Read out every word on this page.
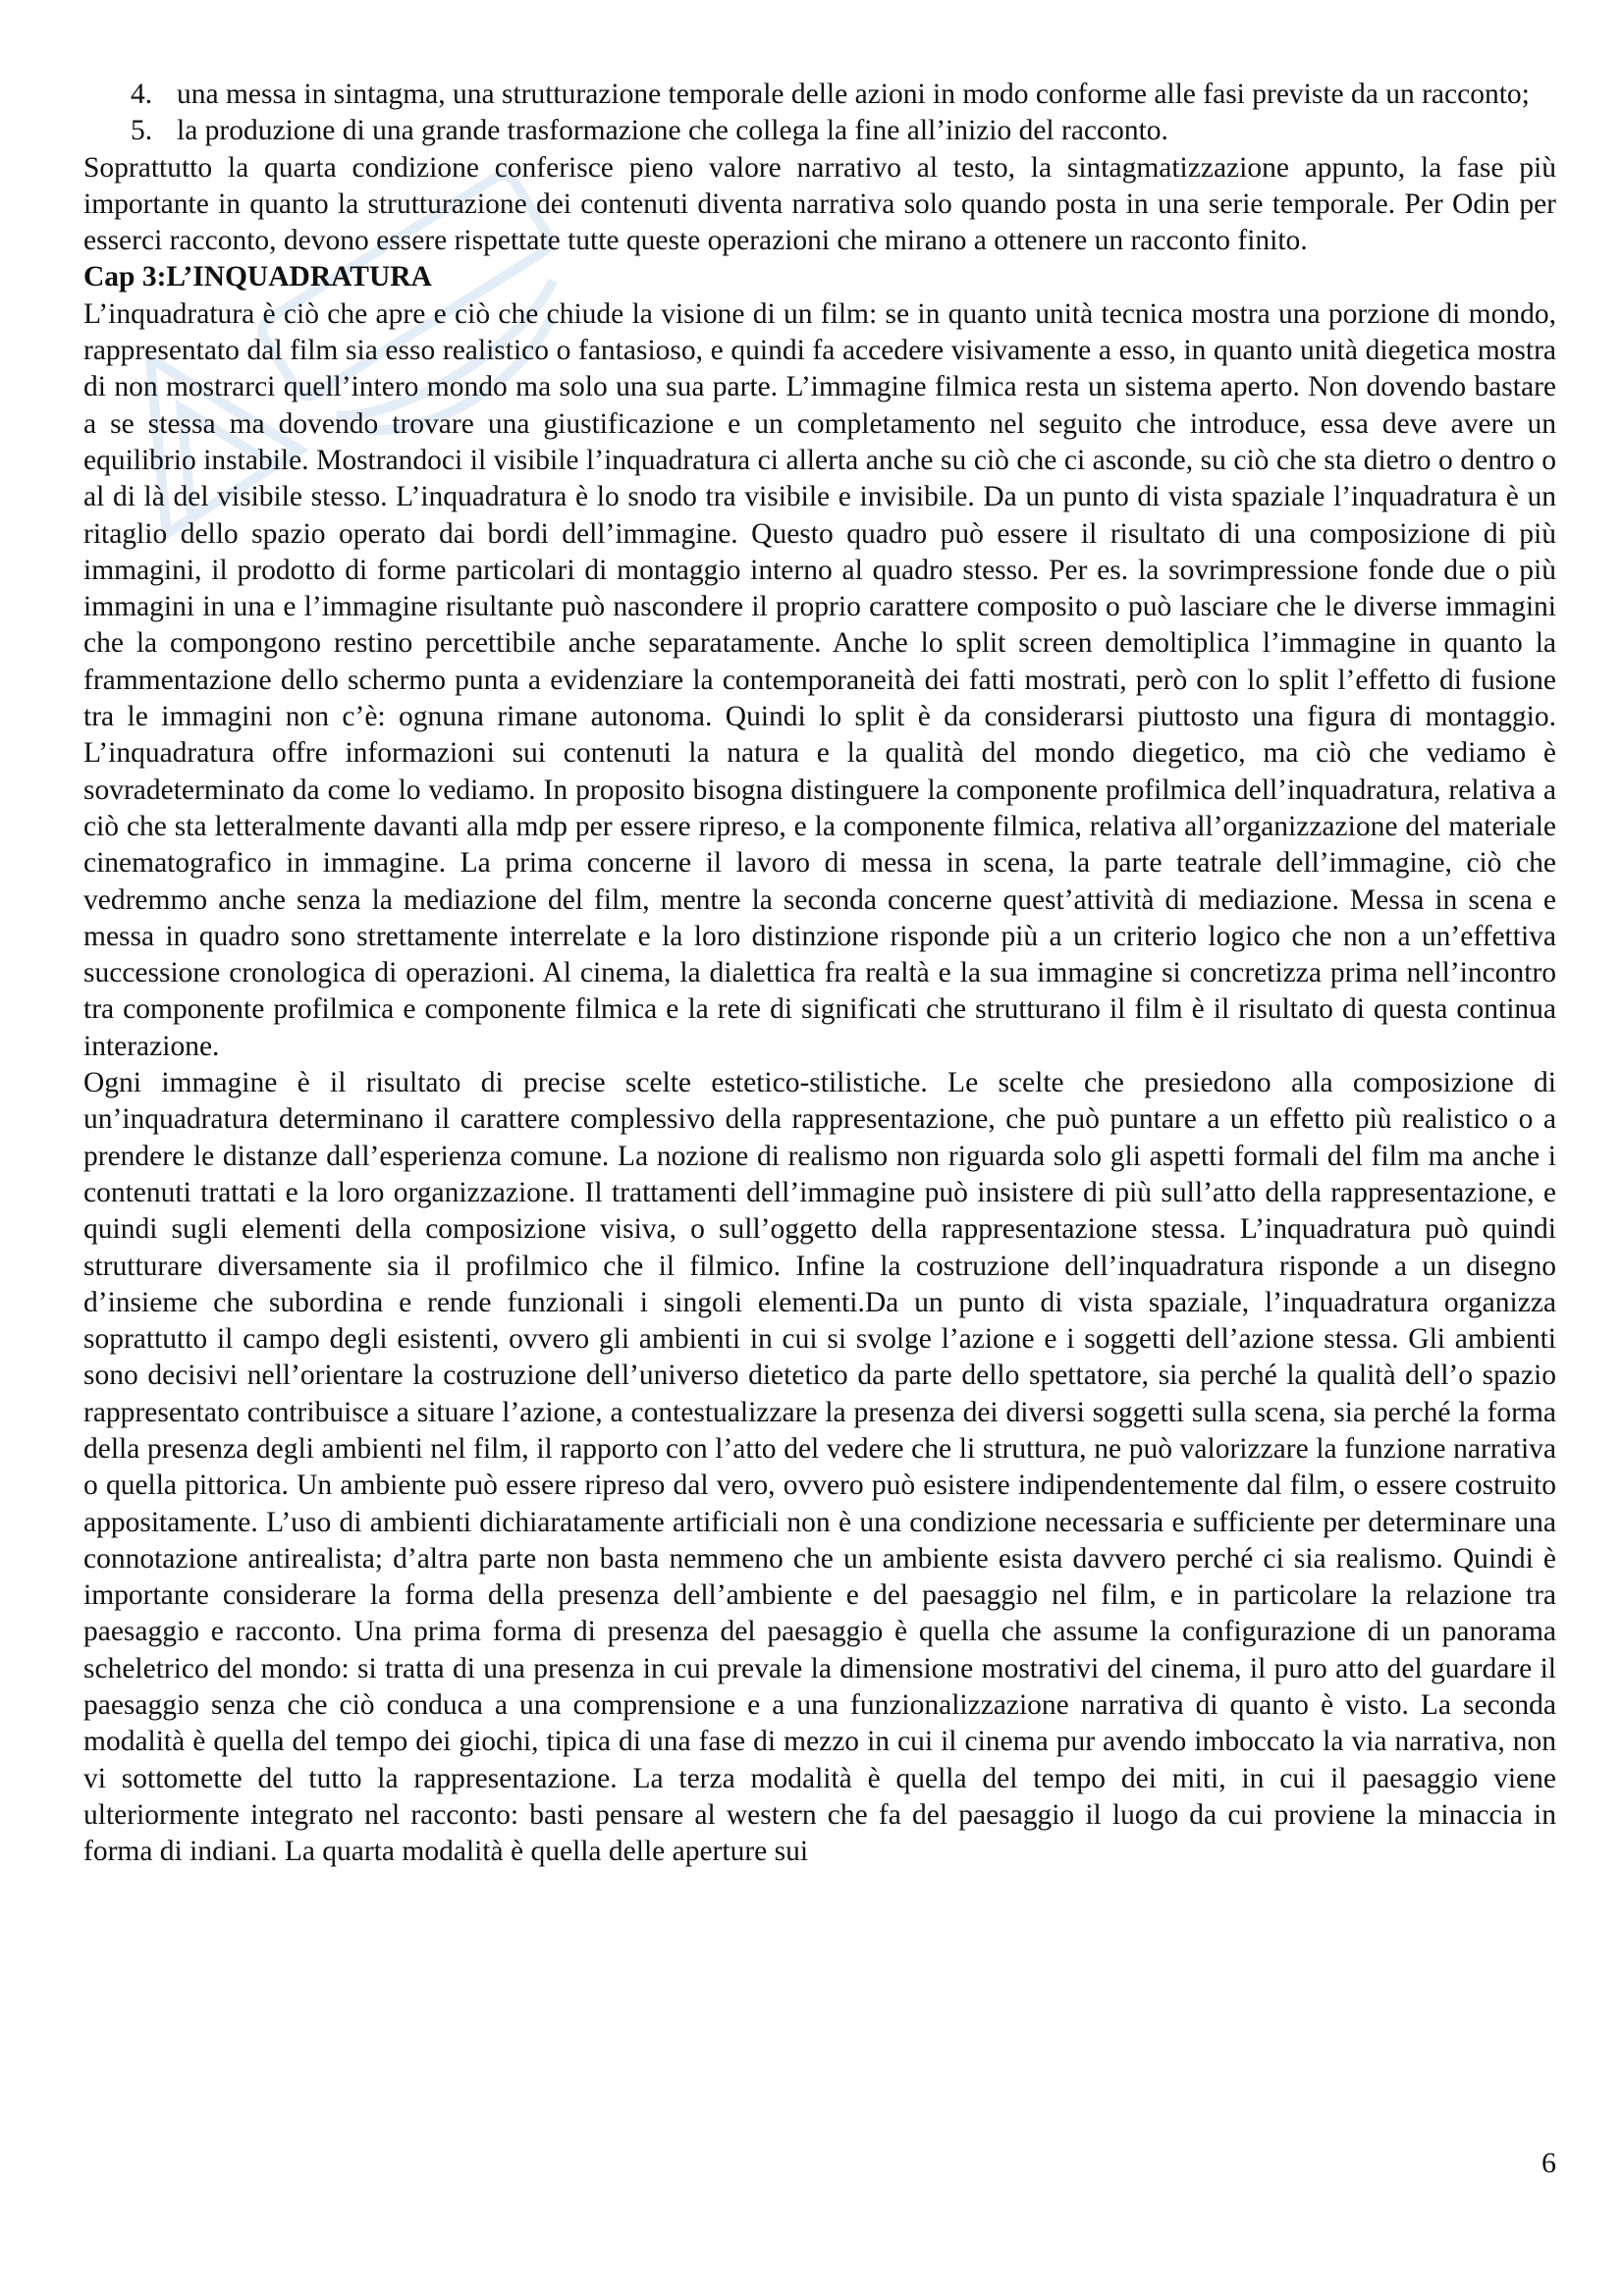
4. una messa in sintagma, una strutturazione temporale delle azioni in modo conforme alle fasi previste da un racconto;
5. la produzione di una grande trasformazione che collega la fine all’inizio del racconto.

Soprattutto la quarta condizione conferisce pieno valore narrativo al testo, la sintagmatizzazione appunto, la fase più importante in quanto la strutturazione dei contenuti diventa narrativa solo quando posta in una serie temporale. Per Odin per esserci racconto, devono essere rispettate tutte queste operazioni che mirano a ottenere un racconto finito.

Cap 3:L’INQUADRATURA

L’inquadratura è ciò che apre e ciò che chiude la visione di un film: se in quanto unità tecnica mostra una porzione di mondo, rappresentato dal film sia esso realistico o fantasioso, e quindi fa accedere visivamente a esso, in quanto unità diegetica mostra di non mostrarci quell’intero mondo ma solo una sua parte. L’immagine filmica resta un sistema aperto. Non dovendo bastare a se stessa ma dovendo trovare una giustificazione e un completamento nel seguito che introduce, essa deve avere un equilibrio instabile. Mostrandoci il visibile l’inquadratura ci allerta anche su ciò che ci asconde, su ciò che sta dietro o dentro o al di là del visibile stesso. L’inquadratura è lo snodo tra visibile e invisibile. Da un punto di vista spaziale l’inquadratura è un ritaglio dello spazio operato dai bordi dell’immagine. Questo quadro può essere il risultato di una composizione di più immagini, il prodotto di forme particolari di montaggio interno al quadro stesso. Per es. la sovrimpressione fonde due o più immagini in una e l’immagine risultante può nascondere il proprio carattere composito o può lasciare che le diverse immagini che la compongono restino percettibile anche separatamente. Anche lo split screen demoltiplica l’immagine in quanto la frammentazione dello schermo punta a evidenziare la contemporaneità dei fatti mostrati, però con lo split l’effetto di fusione tra le immagini non c’è: ognuna rimane autonoma. Quindi lo split è da considerarsi piuttosto una figura di montaggio. L’inquadratura offre informazioni sui contenuti la natura e la qualità del mondo diegetico, ma ciò che vediamo è sovradeterminato da come lo vediamo. In proposito bisogna distinguere la componente profilmica dell’inquadratura, relativa a ciò che sta letteralmente davanti alla mdp per essere ripreso, e la componente filmica, relativa all’organizzazione del materiale cinematografico in immagine. La prima concerne il lavoro di messa in scena, la parte teatrale dell’immagine, ciò che vedremmo anche senza la mediazione del film, mentre la seconda concerne quest’attività di mediazione. Messa in scena e messa in quadro sono strettamente interrelate e la loro distinzione risponde più a un criterio logico che non a un’effettiva successione cronologica di operazioni. Al cinema, la dialettica fra realtà e la sua immagine si concretizza prima nell’incontro tra componente profilmica e componente filmica e la rete di significati che strutturano il film è il risultato di questa continua interazione.

Ogni immagine è il risultato di precise scelte estetico-stilistiche. Le scelte che presiedono alla composizione di un’inquadratura determinano il carattere complessivo della rappresentazione, che può puntare a un effetto più realistico o a prendere le distanze dall’esperienza comune. La nozione di realismo non riguarda solo gli aspetti formali del film ma anche i contenuti trattati e la loro organizzazione. Il trattamenti dell’immagine può insistere di più sull’atto della rappresentazione, e quindi sugli elementi della composizione visiva, o sull’oggetto della rappresentazione stessa. L’inquadratura può quindi strutturare diversamente sia il profilmico che il filmico. Infine la costruzione dell’inquadratura risponde a un disegno d’insieme che subordina e rende funzionali i singoli elementi.Da un punto di vista spaziale, l’inquadratura organizza soprattutto il campo degli esistenti, ovvero gli ambienti in cui si svolge l’azione e i soggetti dell’azione stessa. Gli ambienti sono decisivi nell’orientare la costruzione dell’universo dietetico da parte dello spettatore, sia perché la qualità dell’o spazio rappresentato contribuisce a situare l’azione, a contestualizzare la presenza dei diversi soggetti sulla scena, sia perché la forma della presenza degli ambienti nel film, il rapporto con l’atto del vedere che li struttura, ne può valorizzare la funzione narrativa o quella pittorica. Un ambiente può essere ripreso dal vero, ovvero può esistere indipendentemente dal film, o essere costruito appositamente. L’uso di ambienti dichiaratamente artificiali non è una condizione necessaria e sufficiente per determinare una connotazione antirealista; d’altra parte non basta nemmeno che un ambiente esista davvero perché ci sia realismo. Quindi è importante considerare la forma della presenza dell’ambiente e del paesaggio nel film, e in particolare la relazione tra paesaggio e racconto. Una prima forma di presenza del paesaggio è quella che assume la configurazione di un panorama scheletrico del mondo: si tratta di una presenza in cui prevale la dimensione mostrativi del cinema, il puro atto del guardare il paesaggio senza che ciò conduca a una comprensione e a una funzionalizzazione narrativa di quanto è visto. La seconda modalità è quella del tempo dei giochi, tipica di una fase di mezzo in cui il cinema pur avendo imboccato la via narrativa, non vi sottomette del tutto la rappresentazione. La terza modalità è quella del tempo dei miti, in cui il paesaggio viene ulteriormente integrato nel racconto: basti pensare al western che fa del paesaggio il luogo da cui proviene la minaccia in forma di indiani. La quarta modalità è quella delle aperture sui

6
